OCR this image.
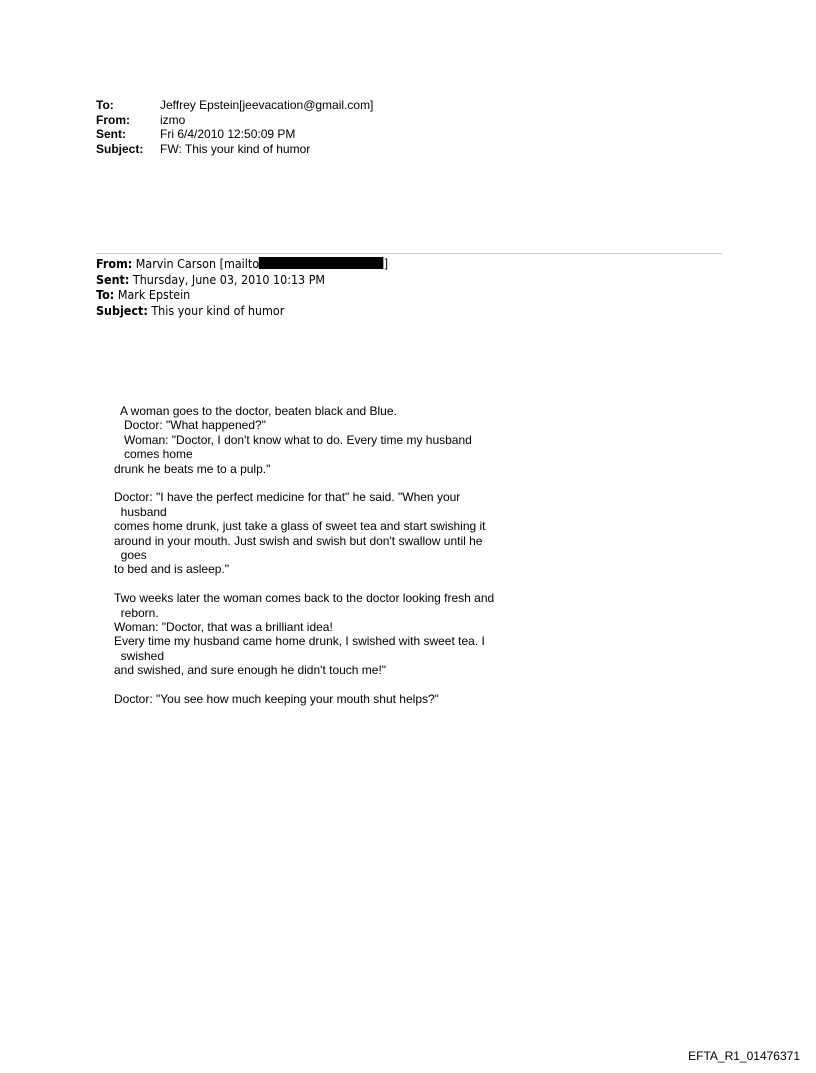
To:	Jeffrey Epstein[jeevacation@gmail.com]
From:	izmo
Sent:	Fri 6/4/2010 12:50:09 PM
Subject:	FW: This your kind of humor
From: Marvin Carson [mailto	]
Sent: Thursday, June 03, 2010 10:13 PM
To: Mark Epstein
Subject: This your kind of humor
A woman goes to the doctor, beaten black and Blue.
Doctor: "What happened?"
Woman: "Doctor, I don't know what to do. Every time my husband
comes home
drunk he beats me to a pulp."
Doctor: "I have the perfect medicine for that" he said. "When your
husband
comes home drunk, just take a glass of sweet tea and start swishing it
around in your mouth. Just swish and swish but don't swallow until he
goes
to bed and is asleep."
Two weeks later the woman comes back to the doctor looking fresh and
reborn.
Woman: "Doctor, that was a brilliant idea!
Every time my husband came home drunk, I swished with sweet tea. I
swished
and swished, and sure enough he didn't touch me!"
Doctor: "You see how much keeping your mouth shut helps?"
EFTA_R1_01476371
